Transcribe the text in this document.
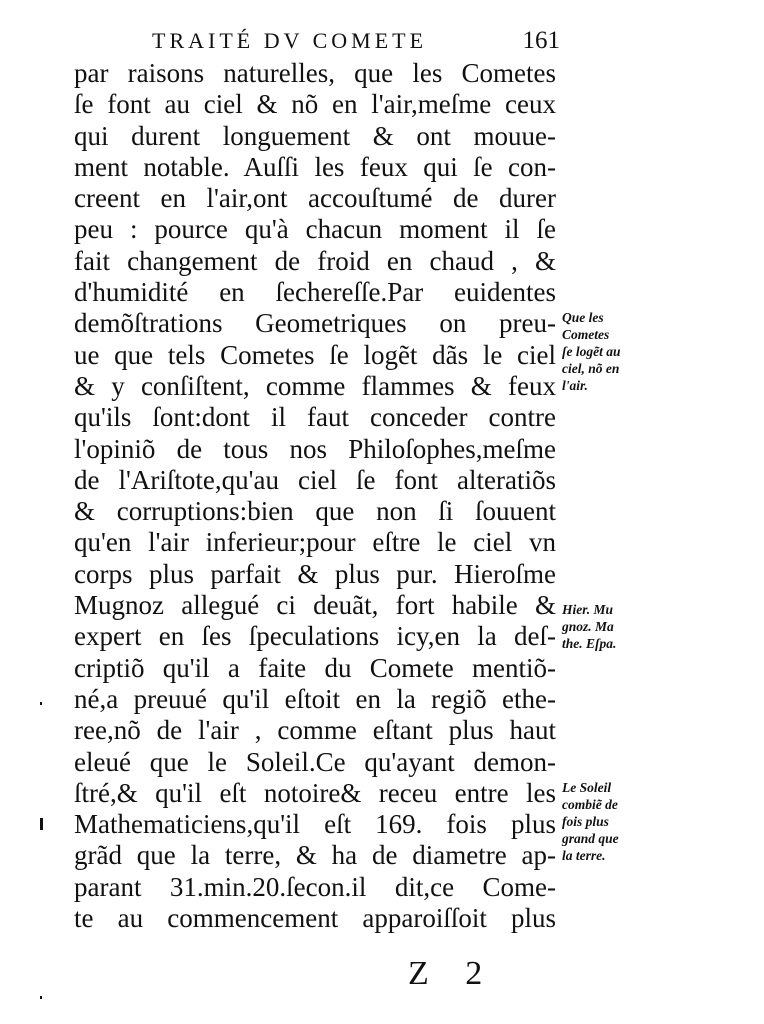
TRAITÉ DV COMETE	161
par raisons naturelles, que les Cometes
ſe font au ciel & nõ en l'air,meſme ceux
qui durent longuement & ont mouue-
ment notable. Auſſi les feux qui ſe con-
creent en l'air,ont accouſtumé de durer
peu : pource qu'à chacun moment il ſe
fait changement de froid en chaud , &
d'humidité en ſechereſſe.Par euidentes
demõſtrations Geometriques on preu-
ue que tels Cometes ſe logẽt dãs le ciel
& y conſiſtent, comme flammes & feux
qu'ils ſont:dont il faut conceder contre
l'opiniõ de tous nos Philoſophes,meſme
de l'Ariſtote,qu'au ciel ſe font alteratiõs
& corruptions:bien que non ſi ſouuent
qu'en l'air inferieur;pour eſtre le ciel vn
corps plus parfait & plus pur. Hieroſme
Mugnoz allegué ci deuãt, fort habile &
expert en ſes ſpeculations icy,en la deſ-
criptiõ qu'il a faite du Comete mentiõ-
né,a preuué qu'il eſtoit en la regiõ ethe-
ree,nõ de l'air , comme eſtant plus haut
eleué que le Soleil.Ce qu'ayant demon-
ſtré,& qu'il eſt notoire& receu entre les
Mathematiciens,qu'il eſt 169. fois plus
grãd que la terre, & ha de diametre ap-
parant 31.min.20.ſecon.il dit,ce Come-
te au commencement apparoiſſoit plus
Que les
Cometes
ſe logẽt au
ciel, nõ en
l'air.
Hier. Mu
gnoz. Ma
the. Eſpa.
Le Soleil
combiẽ de
fois plus
grand que
la terre.
Z 2
